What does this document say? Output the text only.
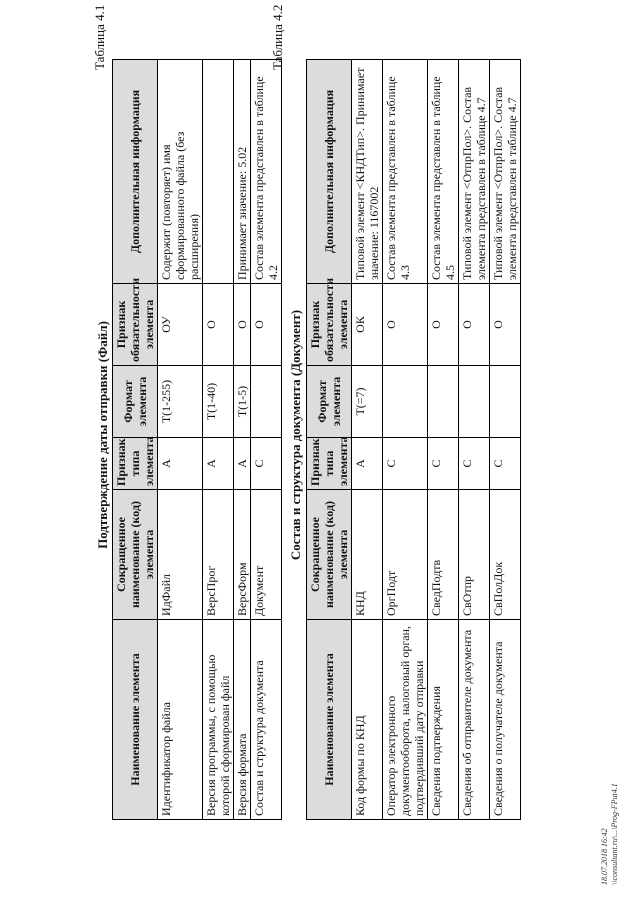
Таблица 4.1
Подтверждение даты отправки (Файл)
Наименование элемента	Сокращенное наименование (код) элемента	Признак типа элемента	Формат элемента	Признак обязательности элемента	Дополнительная информация
Идентификатор файла	ИдФайл	А	Т(1-255)	ОУ	Содержит (повторяет) имя сформированного файла (без расширения)
Версия программы, с помощью которой сформирован файл	ВерсПрог	А	Т(1-40)	О	
Версия формата	ВерсФорм	А	Т(1-5)	О	Принимает значение: 5.02
Состав и структура документа	Документ	С		О	Состав элемента представлен в таблице 4.2
Таблица 4.2
Состав и структура документа (Документ)
Наименование элемента	Сокращенное наименование (код) элемента	Признак типа элемента	Формат элемента	Признак обязательности элемента	Дополнительная информация
Код формы по КНД	КНД	А	Т(=7)	ОК	Типовой элемент <КНДТип>. Принимает значение: 1167002
Оператор электронного документооборота, налоговый орган, подтвердивший дату отправки	ОргПодт	С		О	Состав элемента представлен в таблице 4.3
Сведения подтверждения	СведПодтв	С		О	Состав элемента представлен в таблице 4.5
Сведения об отправителе документа	СвОтпр	С		О	Типовой элемент <ОтпрПол>. Состав элемента представлен в таблице 4.7
Сведения о получателе документа	СвПолДок	С		О	Типовой элемент <ОтпрПол>. Состав элемента представлен в таблице 4.7
18.07.2018 16:42 \\consultant.ru\...\Prog-FPut4.1
